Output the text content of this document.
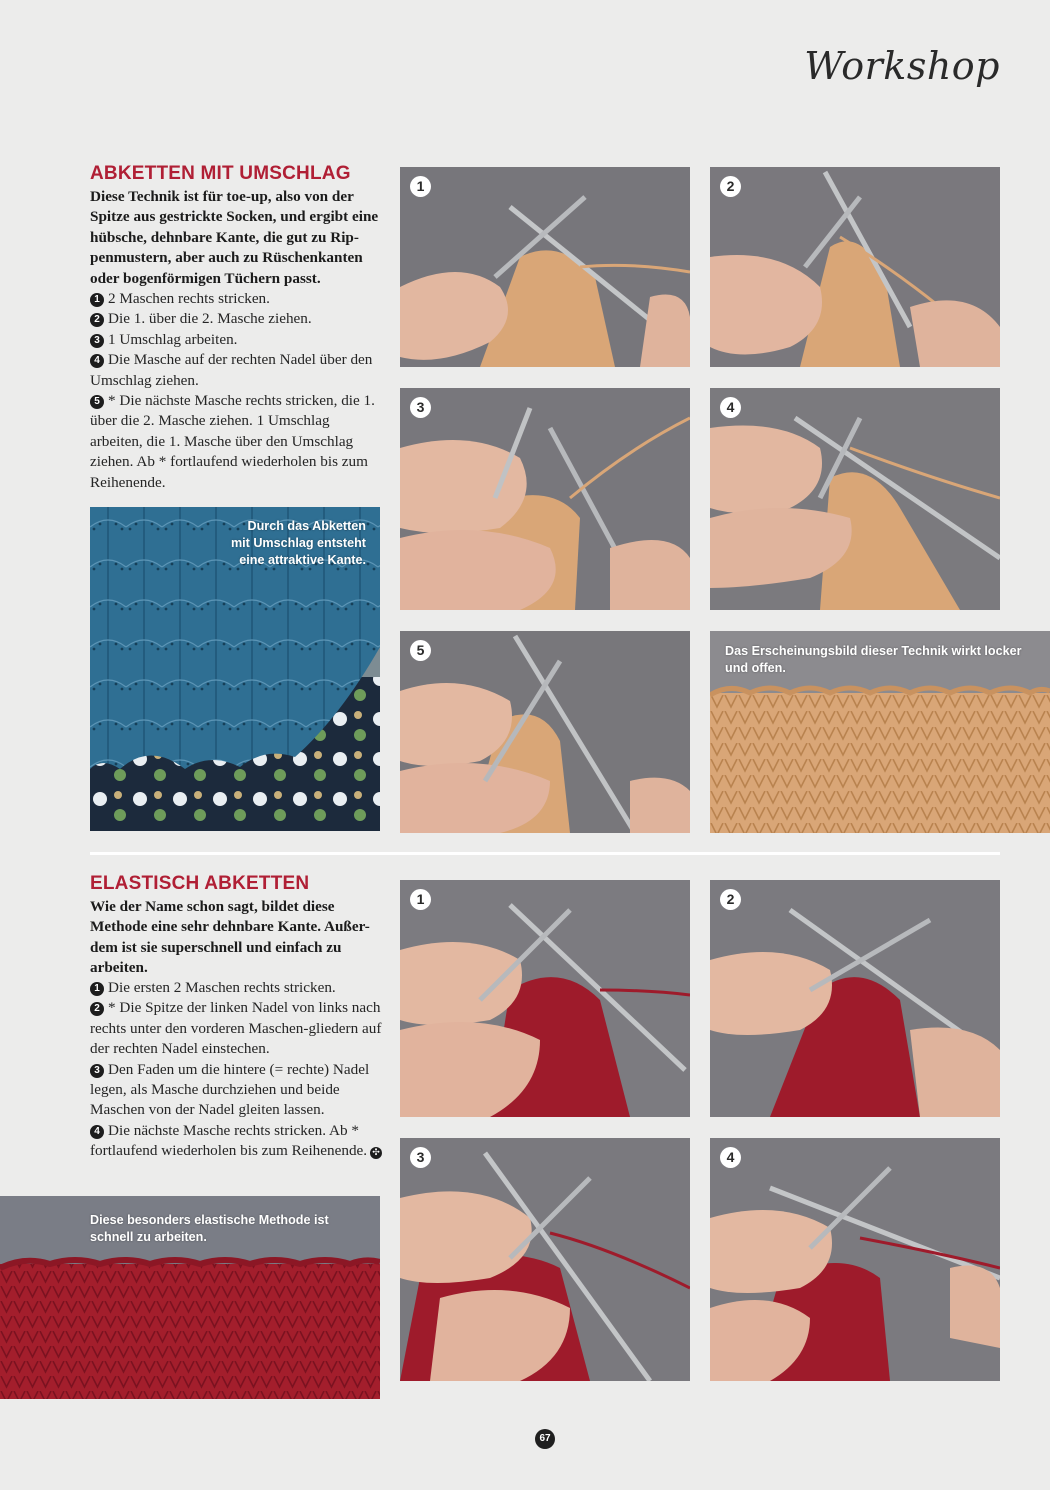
Workshop
ABKETTEN MIT UMSCHLAG
Diese Technik ist für toe-up, also von der Spitze aus gestrickte Socken, und ergibt eine hübsche, dehnbare Kante, die gut zu Rip-penmustern, aber auch zu Rüschenkanten oder bogenförmigen Tüchern passt.

1 2 Maschen rechts stricken.

2 Die 1. über die 2. Masche ziehen.

3 1 Umschlag arbeiten.

4 Die Masche auf der rechten Nadel über den Umschlag ziehen.

5 * Die nächste Masche rechts stricken, die 1. über die 2. Masche ziehen. 1 Umschlag arbeiten, die 1. Masche über den Umschlag ziehen. Ab * fortlaufend wiederholen bis zum Reihenende.

Durch das Abketten mit Umschlag entsteht eine attraktive Kante.
1	2
3	4
5	Das Erscheinungsbild dieser Technik wirkt locker und offen.
ELASTISCH ABKETTEN
Wie der Name schon sagt, bildet diese Methode eine sehr dehnbare Kante. Außer-dem ist sie superschnell und einfach zu arbeiten.

1 Die ersten 2 Maschen rechts stricken.

2 * Die Spitze der linken Nadel von links nach rechts unter den vorderen Maschen-gliedern auf der rechten Nadel einstechen.

3 Den Faden um die hintere (= rechte) Nadel legen, als Masche durchziehen und beide Maschen von der Nadel gleiten lassen.

4 Die nächste Masche rechts stricken. Ab * fortlaufend wiederholen bis zum Reihenende. ✣

Diese besonders elastische Methode ist schnell zu arbeiten.
1	2
3	4
67
